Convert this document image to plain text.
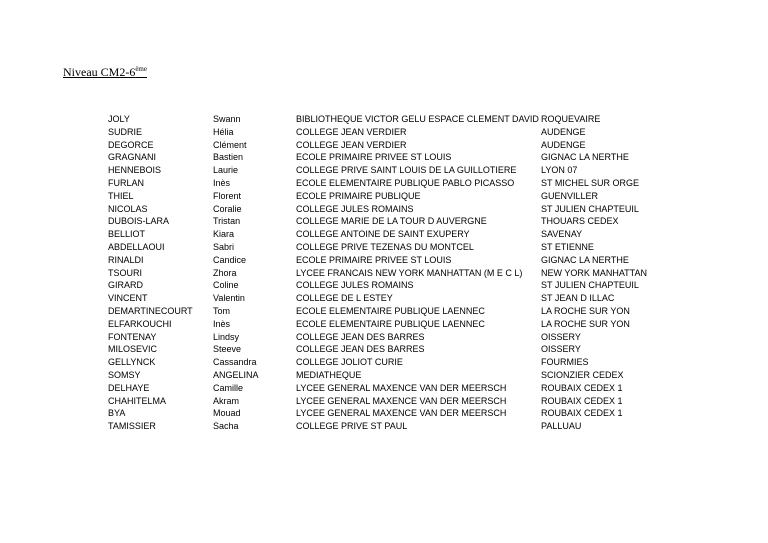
Niveau CM2-6ème
JOLY	Swann	BIBLIOTHEQUE VICTOR GELU ESPACE CLEMENT DAVID	ROQUEVAIRE
SUDRIE	Hélia	COLLEGE JEAN VERDIER	AUDENGE
DEGORCE	Clément	COLLEGE JEAN VERDIER	AUDENGE
GRAGNANI	Bastien	ECOLE PRIMAIRE PRIVEE ST LOUIS	GIGNAC LA NERTHE
HENNEBOIS	Laurie	COLLEGE PRIVE SAINT LOUIS DE LA GUILLOTIERE	LYON 07
FURLAN	Inès	ECOLE ELEMENTAIRE PUBLIQUE PABLO PICASSO	ST MICHEL SUR ORGE
THIEL	Florent	ECOLE PRIMAIRE PUBLIQUE	GUENVILLER
NICOLAS	Coralie	COLLEGE JULES ROMAINS	ST JULIEN CHAPTEUIL
DUBOIS-LARA	Tristan	COLLEGE MARIE DE LA TOUR D AUVERGNE	THOUARS CEDEX
BELLIOT	Kiara	COLLEGE ANTOINE DE SAINT EXUPERY	SAVENAY
ABDELLAOUI	Sabri	COLLEGE PRIVE TEZENAS DU MONTCEL	ST ETIENNE
RINALDI	Candice	ECOLE PRIMAIRE PRIVEE ST LOUIS	GIGNAC LA NERTHE
TSOURI	Zhora	LYCEE FRANCAIS NEW YORK MANHATTAN (M E C L)	NEW YORK MANHATTAN
GIRARD	Coline	COLLEGE JULES ROMAINS	ST JULIEN CHAPTEUIL
VINCENT	Valentin	COLLEGE DE L ESTEY	ST JEAN D ILLAC
DEMARTINECOURT	Tom	ECOLE ELEMENTAIRE PUBLIQUE LAENNEC	LA ROCHE SUR YON
ELFARKOUCHI	Inès	ECOLE ELEMENTAIRE PUBLIQUE LAENNEC	LA ROCHE SUR YON
FONTENAY	Lindsy	COLLEGE JEAN DES BARRES	OISSERY
MILOSEVIC	Steeve	COLLEGE JEAN DES BARRES	OISSERY
GELLYNCK	Cassandra	COLLEGE JOLIOT CURIE	FOURMIES
SOMSY	ANGELINA	MEDIATHEQUE	SCIONZIER CEDEX
DELHAYE	Camille	LYCEE GENERAL MAXENCE VAN DER MEERSCH	ROUBAIX CEDEX 1
CHAHITELMA	Akram	LYCEE GENERAL MAXENCE VAN DER MEERSCH	ROUBAIX CEDEX 1
BYA	Mouad	LYCEE GENERAL MAXENCE VAN DER MEERSCH	ROUBAIX CEDEX 1
TAMISSIER	Sacha	COLLEGE PRIVE ST PAUL	PALLUAU
